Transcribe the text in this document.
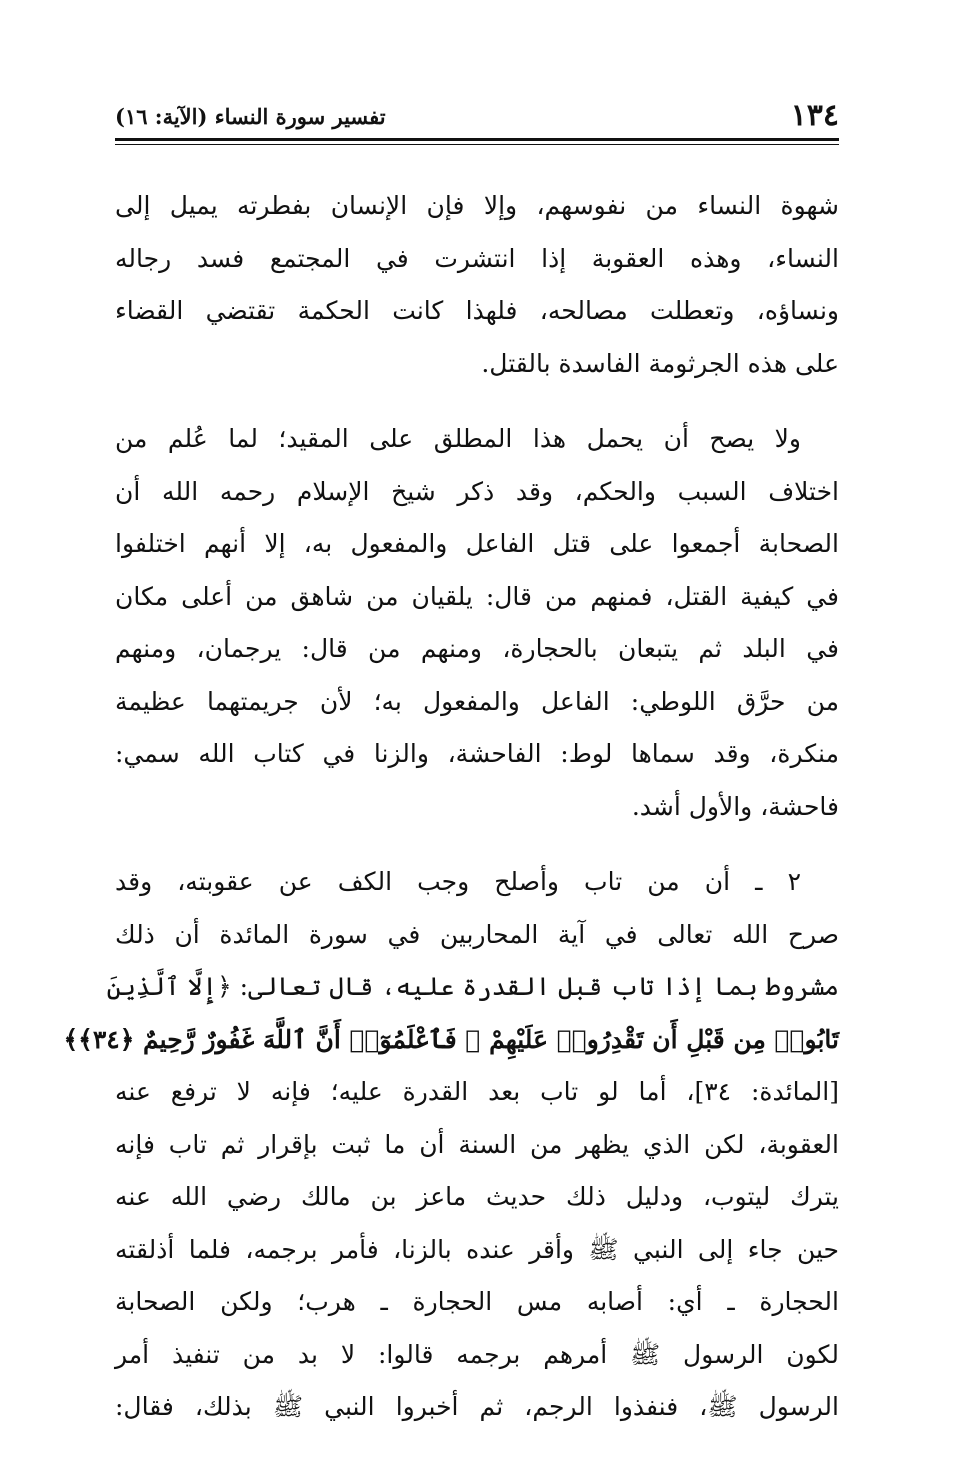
١٣٤
تفسير سورة النساء (الآية: ١٦)

شهوة النساء من نفوسهم، وإلا فإن الإنسان بفطرته يميل إلى
النساء، وهذه العقوبة إذا انتشرت في المجتمع فسد رجاله
ونساؤه، وتعطلت مصالحه، فلهذا كانت الحكمة تقتضي القضاء
على هذه الجرثومة الفاسدة بالقتل.

ولا يصح أن يحمل هذا المطلق على المقيد؛ لما عُلم من
اختلاف السبب والحكم، وقد ذكر شيخ الإسلام رحمه الله أن
الصحابة أجمعوا على قتل الفاعل والمفعول به، إلا أنهم اختلفوا
في كيفية القتل، فمنهم من قال: يلقيان من شاهق من أعلى مكان
في البلد ثم يتبعان بالحجارة، ومنهم من قال: يرجمان، ومنهم
من حرَّق اللوطي: الفاعل والمفعول به؛ لأن جريمتهما عظيمة
منكرة، وقد سماها لوط: الفاحشة، والزنا في كتاب الله سمي:
فاحشة، والأول أشد.

٢ ـ أن من تاب وأصلح وجب الكف عن عقوبته، وقد
صرح الله تعالى في آية المحاربين في سورة المائدة أن ذلك
مشروط بما إذا تاب قبل القدرة عليه، قال تعالى: ﴿إِلَّا ٱلَّذِينَ
تَابُوا۟ مِن قَبْلِ أَن تَقْدِرُوا۟ عَلَيْهِمْ ۖ فَٱعْلَمُوٓا۟ أَنَّ ٱللَّهَ غَفُورٌ رَّحِيمٌ ﴿٣٤﴾﴾
[المائدة: ٣٤]، أما لو تاب بعد القدرة عليه؛ فإنه لا ترفع عنه
العقوبة، لكن الذي يظهر من السنة أن ما ثبت بإقرار ثم تاب فإنه
يترك ليتوب، ودليل ذلك حديث ماعز بن مالك رضي الله عنه
حين جاء إلى النبي ﷺ وأقر عنده بالزنا، فأمر برجمه، فلما أذلقته
الحجارة ـ أي: أصابه مس الحجارة ـ هرب؛ ولكن الصحابة
لكون الرسول ﷺ أمرهم برجمه قالوا: لا بد من تنفيذ أمر
الرسول ﷺ، فنفذوا الرجم، ثم أخبروا النبي ﷺ بذلك، فقال:
